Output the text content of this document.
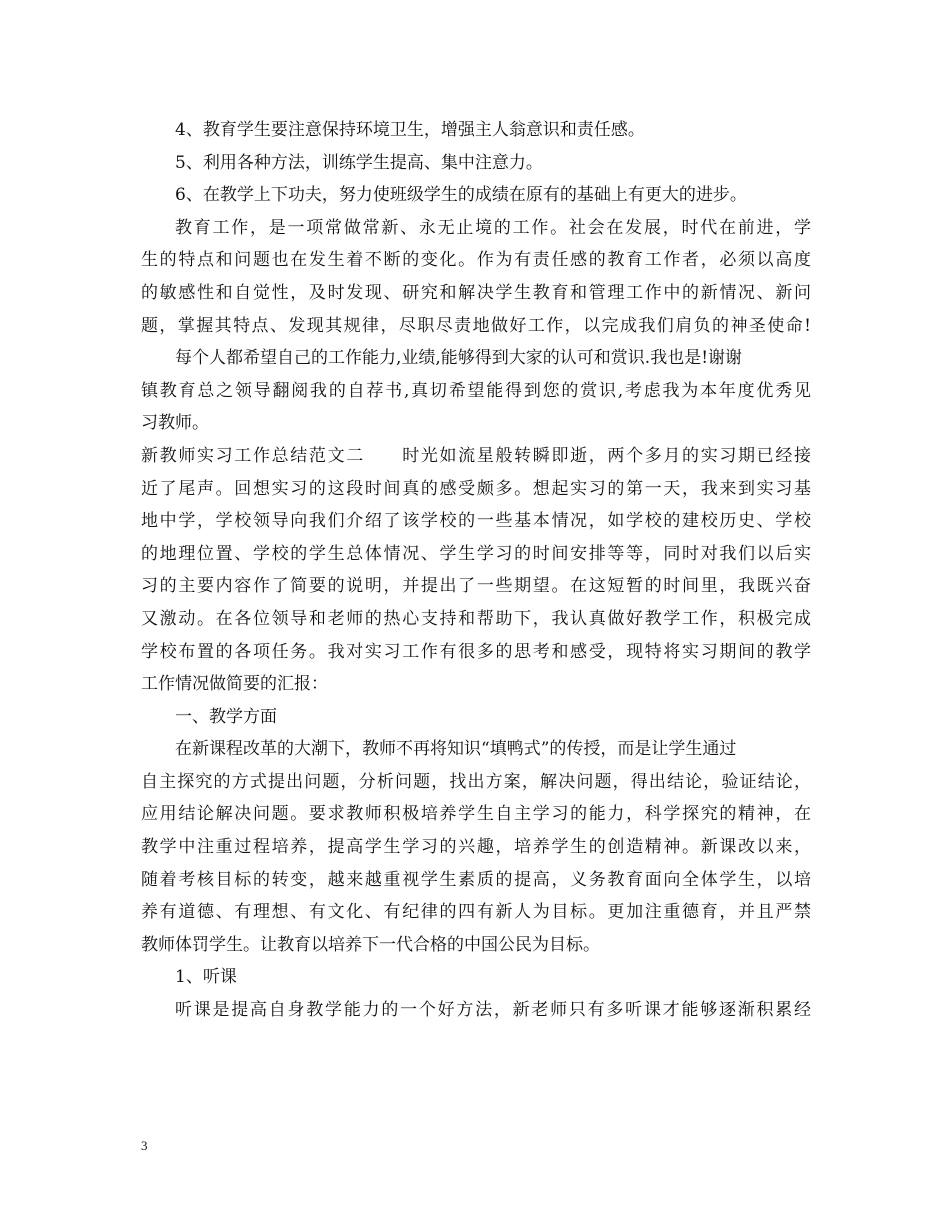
4、教育学生要注意保持环境卫生，增强主人翁意识和责任感。
5、利用各种方法，训练学生提高、集中注意力。
6、在教学上下功夫，努力使班级学生的成绩在原有的基础上有更大的进步。
教育工作，是一项常做常新、永无止境的工作。社会在发展，时代在前进，学
生的特点和问题也在发生着不断的变化。作为有责任感的教育工作者，必须以高度
的敏感性和自觉性，及时发现、研究和解决学生教育和管理工作中的新情况、新问
题，掌握其特点、发现其规律，尽职尽责地做好工作，以完成我们肩负的神圣使命!
每个人都希望自己的工作能力,业绩,能够得到大家的认可和赏识.我也是!谢谢
镇教育总之领导翻阅我的自荐书,真切希望能得到您的赏识,考虑我为本年度优秀见
习教师。
新教师实习工作总结范文二　　时光如流星般转瞬即逝，两个多月的实习期已经接
近了尾声。回想实习的这段时间真的感受颇多。想起实习的第一天，我来到实习基
地中学，学校领导向我们介绍了该学校的一些基本情况，如学校的建校历史、学校
的地理位置、学校的学生总体情况、学生学习的时间安排等等，同时对我们以后实
习的主要内容作了简要的说明，并提出了一些期望。在这短暂的时间里，我既兴奋
又激动。在各位领导和老师的热心支持和帮助下，我认真做好教学工作，积极完成
学校布置的各项任务。我对实习工作有很多的思考和感受，现特将实习期间的教学
工作情况做简要的汇报：
一、教学方面
在新课程改革的大潮下，教师不再将知识“填鸭式”的传授，而是让学生通过
自主探究的方式提出问题，分析问题，找出方案，解决问题，得出结论，验证结论，
应用结论解决问题。要求教师积极培养学生自主学习的能力，科学探究的精神，在
教学中注重过程培养，提高学生学习的兴趣，培养学生的创造精神。新课改以来，
随着考核目标的转变，越来越重视学生素质的提高，义务教育面向全体学生，以培
养有道德、有理想、有文化、有纪律的四有新人为目标。更加注重德育，并且严禁
教师体罚学生。让教育以培养下一代合格的中国公民为目标。
1、听课
听课是提高自身教学能力的一个好方法，新老师只有多听课才能够逐渐积累经
3
